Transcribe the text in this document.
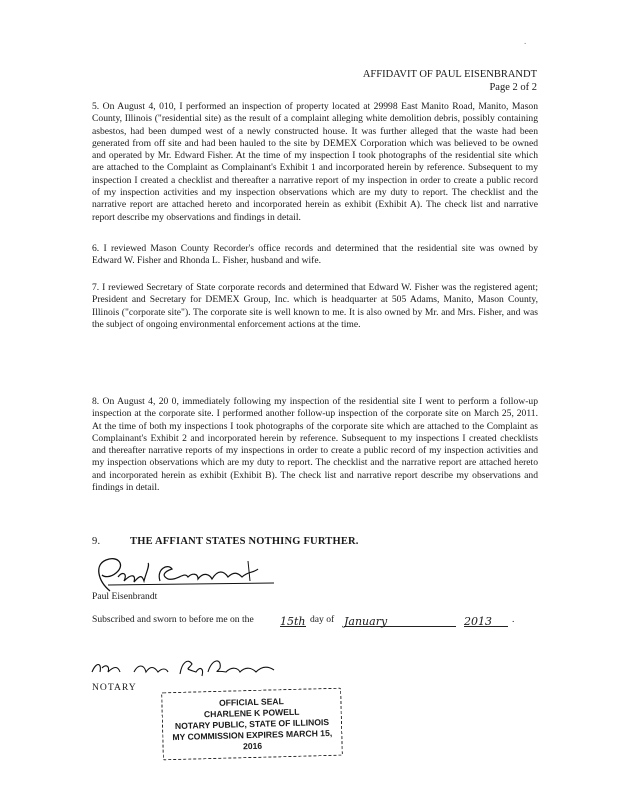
.
AFFIDAVIT OF PAUL EISENBRANDT
Page 2 of 2

5. On August 4, 010, I performed an inspection of property located at 29998 East Manito Road, Manito, Mason County, Illinois ("residential site) as the result of a complaint alleging white demolition debris, possibly containing asbestos, had been dumped west of a newly constructed house. It was further alleged that the waste had been generated from off site and had been hauled to the site by DEMEX Corporation which was believed to be owned and operated by Mr. Edward Fisher. At the time of my inspection I took photographs of the residential site which are attached to the Complaint as Complainant's Exhibit 1 and incorporated herein by reference. Subsequent to my inspection I created a checklist and thereafter a narrative report of my inspection in order to create a public record of my inspection activities and my inspection observations which are my duty to report. The checklist and the narrative report are attached hereto and incorporated herein as exhibit (Exhibit A). The check list and narrative report describe my observations and findings in detail.

6. I reviewed Mason County Recorder's office records and determined that the residential site was owned by Edward W. Fisher and Rhonda L. Fisher, husband and wife.

7. I reviewed Secretary of State corporate records and determined that Edward W. Fisher was the registered agent; President and Secretary for DEMEX Group, Inc. which is headquarter at 505 Adams, Manito, Mason County, Illinois ("corporate site"). The corporate site is well known to me. It is also owned by Mr. and Mrs. Fisher, and was the subject of ongoing environmental enforcement actions at the time.

8. On August 4, 20 0, immediately following my inspection of the residential site I went to perform a follow-up inspection at the corporate site. I performed another follow-up inspection of the corporate site on March 25, 2011. At the time of both my inspections I took photographs of the corporate site which are attached to the Complaint as Complainant's Exhibit 2 and incorporated herein by reference. Subsequent to my inspections I created checklists and thereafter narrative reports of my inspections in order to create a public record of my inspection activities and my inspection observations which are my duty to report. The checklist and the narrative report are attached hereto and incorporated herein as exhibit (Exhibit B). The check list and narrative report describe my observations and findings in detail.

9.	THE AFFIANT STATES NOTHING FURTHER.
Paul Eisenbrandt
Subscribed and sworn to before me on the 15th day of January	2013	.
NOTARY
OFFICIAL SEAL
CHARLENE K POWELL
NOTARY PUBLIC, STATE OF ILLINOIS
MY COMMISSION EXPIRES MARCH 15, 2016
